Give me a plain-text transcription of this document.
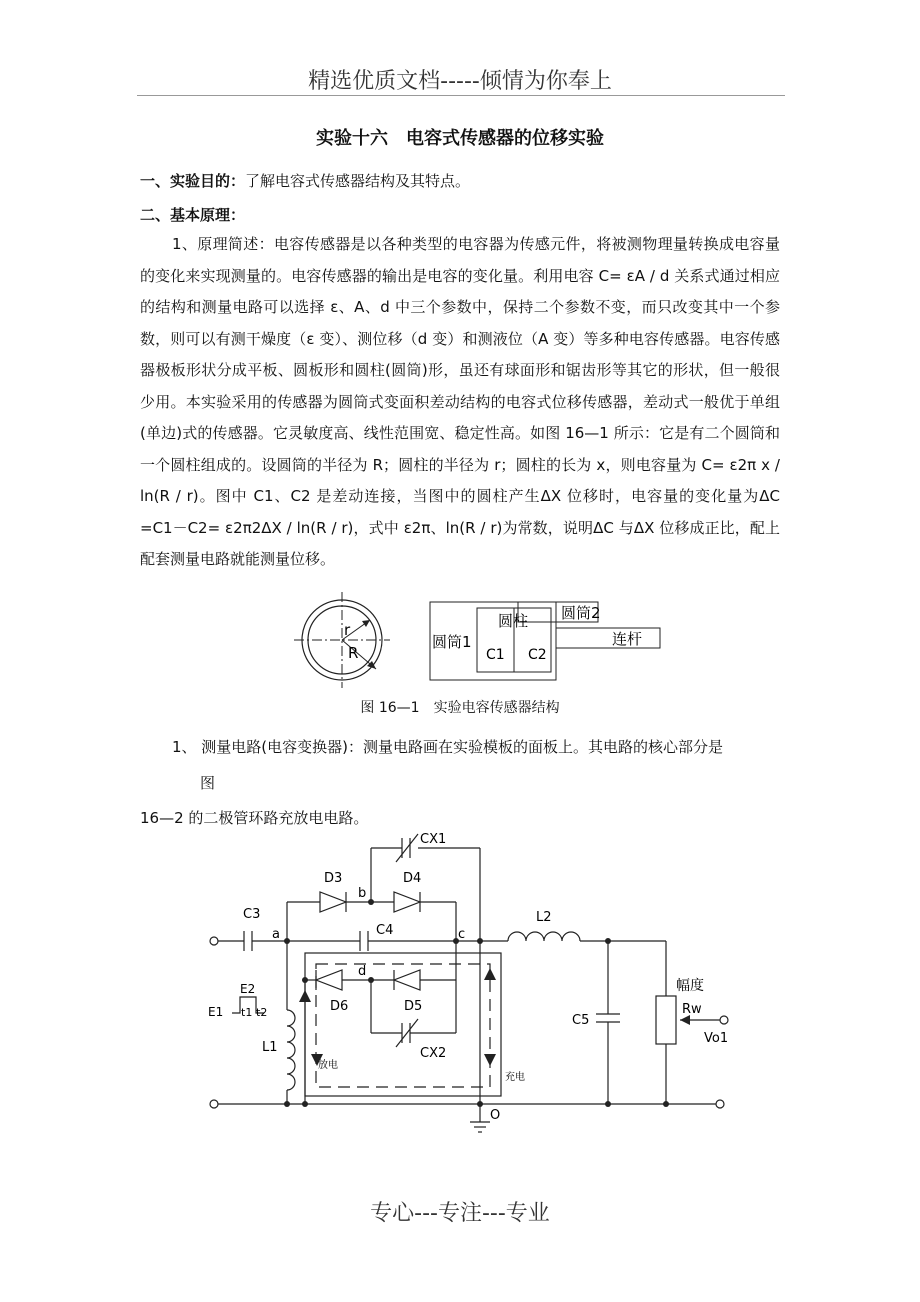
精选优质文档-----倾情为你奉上
实验十六　电容式传感器的位移实验
一、实验目的：了解电容式传感器结构及其特点。
二、基本原理：
1、原理简述：电容传感器是以各种类型的电容器为传感元件，将被测物理量转换成电容量的变化来实现测量的。电容传感器的输出是电容的变化量。利用电容 C= εA / d 关系式通过相应的结构和测量电路可以选择 ε、A、d 中三个参数中，保持二个参数不变，而只改变其中一个参数，则可以有测干燥度（ε 变）、测位移（d 变）和测液位（A 变）等多种电容传感器。电容传感器极板形状分成平板、圆板形和圆柱(圆筒)形，虽还有球面形和锯齿形等其它的形状，但一般很少用。本实验采用的传感器为圆筒式变面积差动结构的电容式位移传感器，差动式一般优于单组(单边)式的传感器。它灵敏度高、线性范围宽、稳定性高。如图 16—1 所示：它是有二个圆筒和一个圆柱组成的。设圆筒的半径为 R；圆柱的半径为 r；圆柱的长为 x，则电容量为 C= ε2π x / ln(R / r)。图中 C1、C2 是差动连接，当图中的圆柱产生ΔX 位移时，电容量的变化量为ΔC　　=C1－C2= ε2π2ΔX / ln(R / r)，式中 ε2π、ln(R / r)为常数，说明ΔC 与ΔX 位移成正比，配上配套测量电路就能测量位移。
r
R
圆柱
圆筒1
圆筒2
C1 C2
连杆
图 16—1　实验电容传感器结构
1、 测量电路(电容变换器)：测量电路画在实验模板的面板上。其电路的核心部分是
图
16—2 的二极管环路充放电电路。
CX1
D3	D4
b
C3
a	C4	c
L2
E2
E1 t1 t2
d
D6	D5
L1	CX2
C5
幅度
Rw
Vo1
放电
充电
O
专心---专注---专业
